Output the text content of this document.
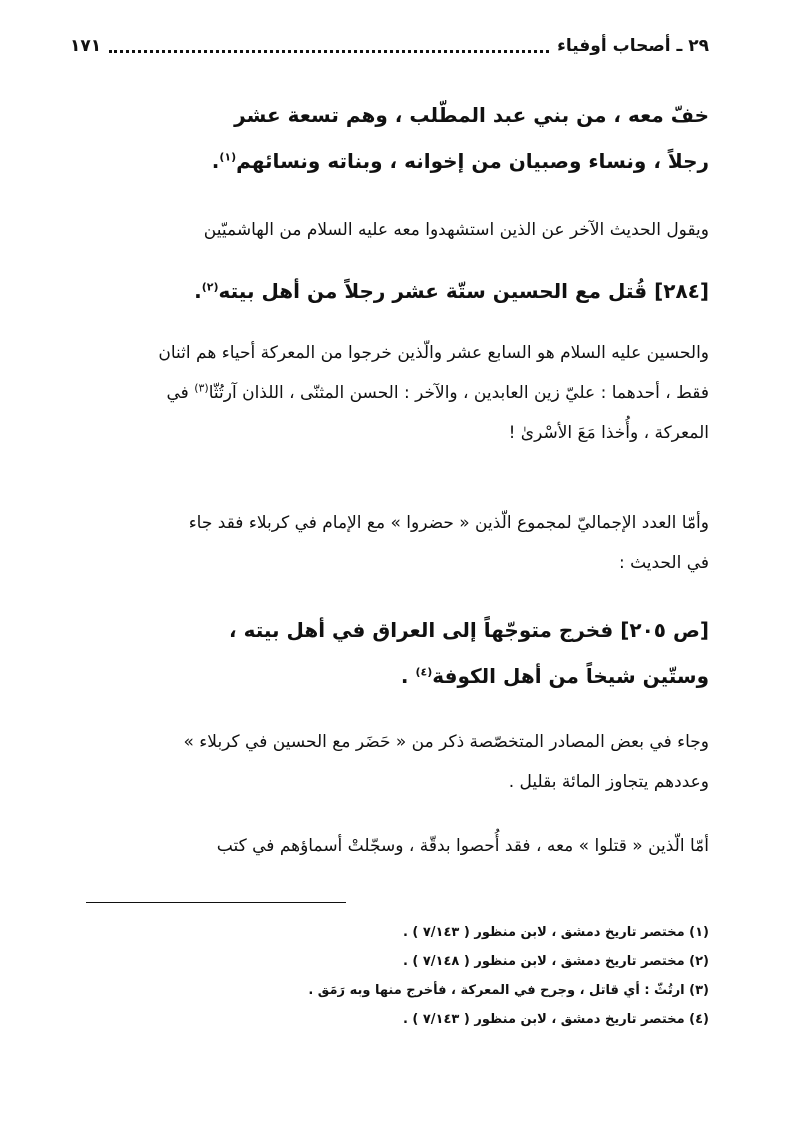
٢٩ ـ أصحاب أوفياء
١٧١
خفّ معه ، من بني عبد المطّلب ، وهم تسعة عشر
رجلاً ، ونساء وصبيان من إخوانه ، وبناته ونسائهم$^{(١)}$.
ويقول الحديث الآخر عن الذين استشهدوا معه عليه السلام من الهاشميّين
[٢٨٤] قُتل مع الحسين ستّة عشر رجلاً من أهل بيته$^{(٢)}$.
والحسين عليه السلام هو السابع عشر والّذين خرجوا من المعركة أحياء هم اثنان
فقط ، أحدهما : عليّ زين العابدين ، والآخر : الحسن المثنّى ، اللذان آرتُثّا$^{(٣)}$ في
المعركة ، وأُخذا مَعَ الأسْرىٰ !
وأمّا العدد الإجماليّ لمجموع الّذين « حضروا » مع الإمام في كربلاء فقد جاء
في الحديث :
[ص ٢٠٥] فخرج متوجّهاً إلى العراق في أهل بيته ،
وستّين شيخاً من أهل الكوفة$^{(٤)}$ .
وجاء في بعض المصادر المتخصّصة ذكر من « حَضَر مع الحسين في كربلاء »
وعددهم يتجاوز المائة بقليل .
أمّا الّذين « قتلوا » معه ، فقد أُحصوا بدقّة ، وسجّلتْ أسماؤهم في كتب
(١) مختصر تاريخ دمشق ، لابن منظور ( ٧/١٤٣ ) .
(٢) مختصر تاريخ دمشق ، لابن منظور ( ٧/١٤٨ ) .
(٣) ارتُثّ : أي قاتل ، وجرح في المعركة ، فأخرج منها وبه رَمَق .
(٤) مختصر تاريخ دمشق ، لابن منظور ( ٧/١٤٣ ) .
